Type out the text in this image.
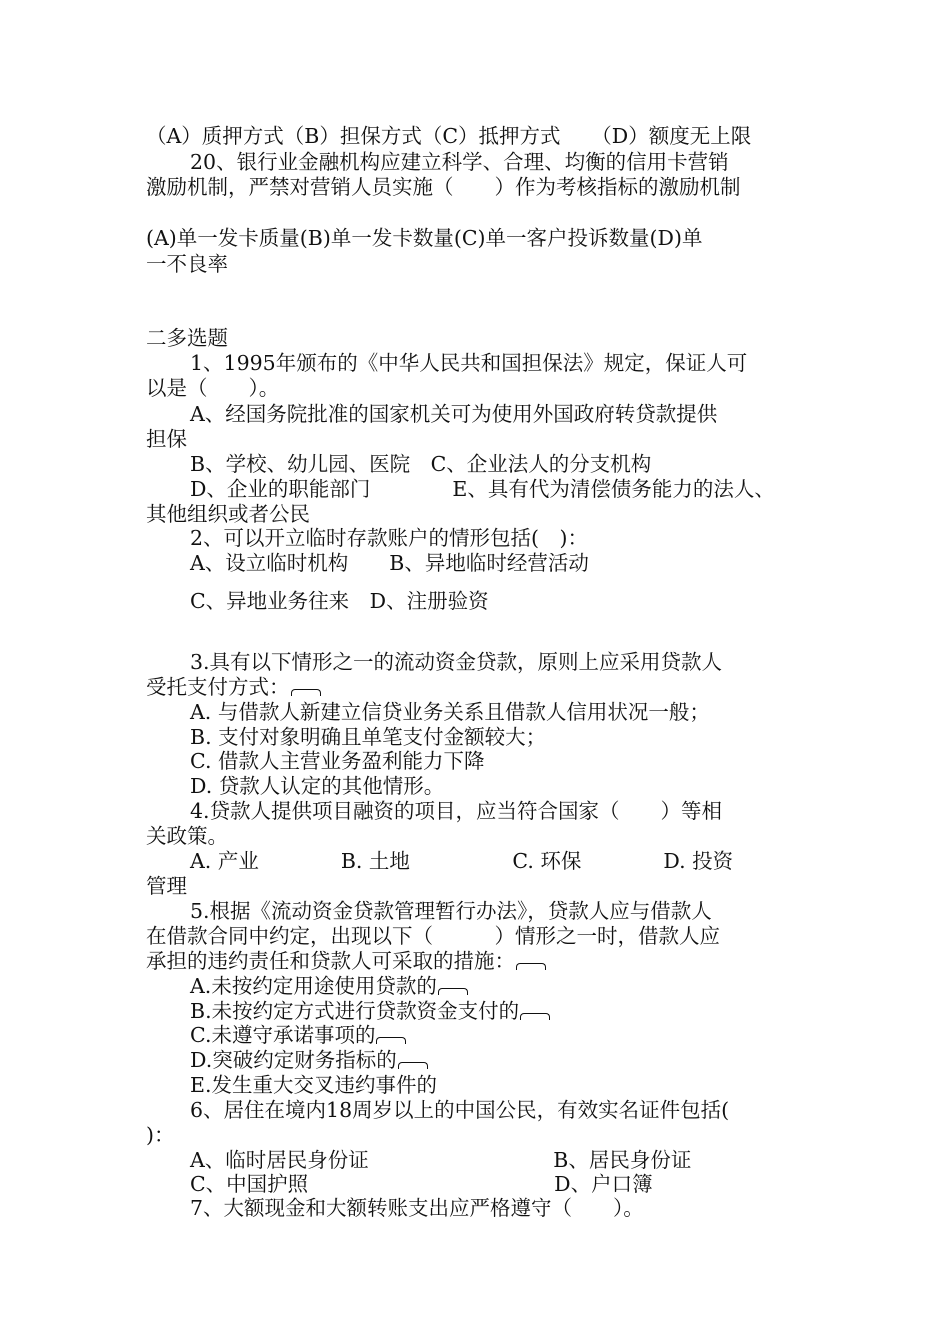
（A）质押方式（B）担保方式（C）抵押方式　　（D）额度无上限
20、银行业金融机构应建立科学、合理、均衡的信用卡营销
激励机制，严禁对营销人员实施（　　）作为考核指标的激励机制
(A)单一发卡质量(B)单一发卡数量(C)单一客户投诉数量(D)单
一不良率
二多选题
1、1995年颁布的《中华人民共和国担保法》规定，保证人可
以是（　　）。
A、经国务院批准的国家机关可为使用外国政府转贷款提供
担保
B、学校、幼儿园、医院　C、企业法人的分支机构
D、企业的职能部门　　　　E、具有代为清偿债务能力的法人、
其他组织或者公民
2、可以开立临时存款账户的情形包括(　)：
A、设立临时机构　　B、异地临时经营活动
C、异地业务往来　D、注册验资
3.具有以下情形之一的流动资金贷款，原则上应采用贷款人
受托支付方式：
A. 与借款人新建立信贷业务关系且借款人信用状况一般；
B. 支付对象明确且单笔支付金额较大；
C. 借款人主营业务盈利能力下降
D. 贷款人认定的其他情形。
4.贷款人提供项目融资的项目，应当符合国家（　　）等相
关政策。
A. 产业　　　　B. 土地　　　　　C. 环保　　　　D. 投资
管理
5.根据《流动资金贷款管理暂行办法》，贷款人应与借款人
在借款合同中约定，出现以下（　　　）情形之一时，借款人应
承担的违约责任和贷款人可采取的措施：
A.未按约定用途使用贷款的
B.未按约定方式进行贷款资金支付的
C.未遵守承诺事项的
D.突破约定财务指标的
E.发生重大交叉违约事件的
6、居住在境内18周岁以上的中国公民，有效实名证件包括(
)：
A、临时居民身份证　　　　　　　　　B、居民身份证
C、中国护照　　　　　　　　　　　　D、户口簿
7、大额现金和大额转账支出应严格遵守（　　）。
